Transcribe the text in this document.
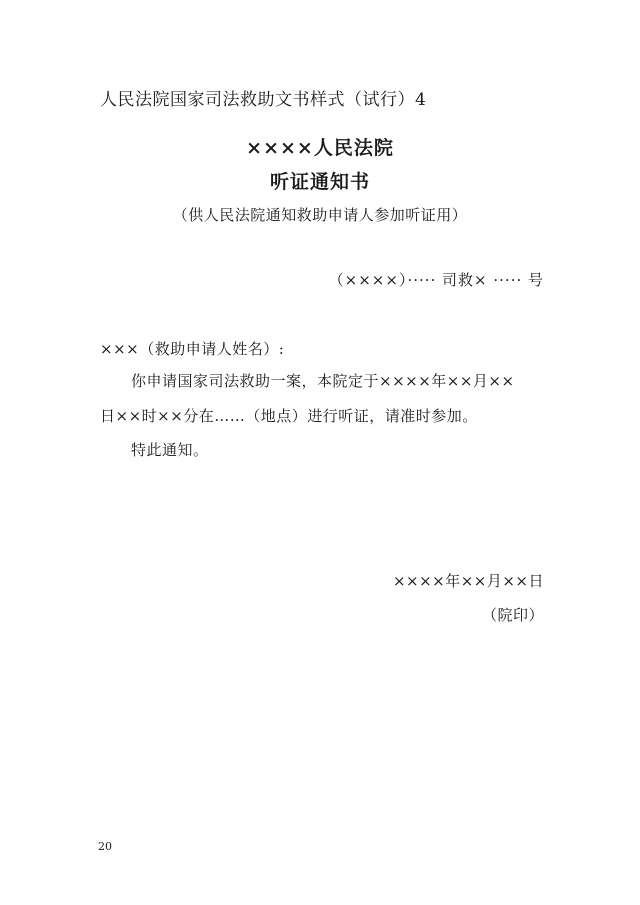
人民法院国家司法救助文书样式（试行）4
××××人民法院
听证通知书
（供人民法院通知救助申请人参加听证用）
（××××）····· 司救× ····· 号
×××（救助申请人姓名）:
你申请国家司法救助一案，本院定于××××年××月××
日××时××分在……（地点）进行听证，请准时参加。
特此通知。
××××年××月××日
（院印）
20
